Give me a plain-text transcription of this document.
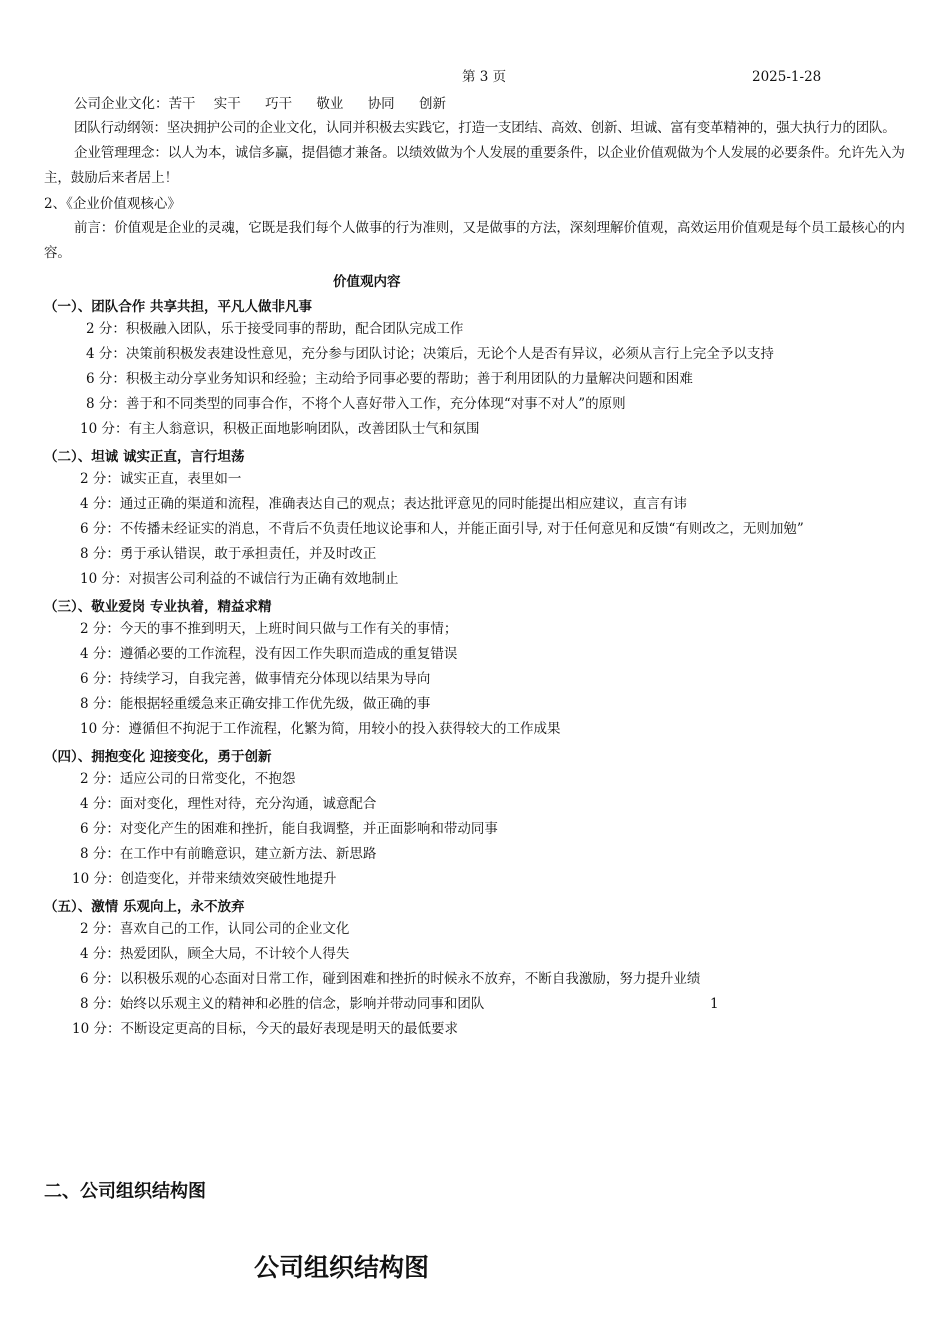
第 3 页	2025-1-28
公司企业文化：苦干 实干 巧干 敬业 协同 创新
团队行动纲领：坚决拥护公司的企业文化，认同并积极去实践它，打造一支团结、高效、创新、坦诚、富有变革精神的，强大执行力的团队。
企业管理理念：以人为本，诚信多赢，提倡德才兼备。以绩效做为个人发展的重要条件，以企业价值观做为个人发展的必要条件。允许先入为主，鼓励后来者居上！
2、《企业价值观核心》
前言：价值观是企业的灵魂，它既是我们每个人做事的行为准则，又是做事的方法，深刻理解价值观，高效运用价值观是每个员工最核心的内容。
价值观内容
（一）、团队合作 共享共担，平凡人做非凡事
2 分：积极融入团队，乐于接受同事的帮助，配合团队完成工作
4 分：决策前积极发表建设性意见，充分参与团队讨论；决策后，无论个人是否有异议，必须从言行上完全予以支持
6 分：积极主动分享业务知识和经验；主动给予同事必要的帮助；善于利用团队的力量解决问题和困难
8 分：善于和不同类型的同事合作，不将个人喜好带入工作，充分体现“对事不对人”的原则
10 分：有主人翁意识，积极正面地影响团队，改善团队士气和氛围
（二）、坦诚 诚实正直，言行坦荡
2 分：诚实正直，表里如一
4 分：通过正确的渠道和流程，准确表达自己的观点；表达批评意见的同时能提出相应建议，直言有讳
6 分：不传播未经证实的消息，不背后不负责任地议论事和人，并能正面引导, 对于任何意见和反馈“有则改之，无则加勉”
8 分：勇于承认错误，敢于承担责任，并及时改正
10 分：对损害公司利益的不诚信行为正确有效地制止
（三）、敬业爱岗 专业执着，精益求精
2 分：今天的事不推到明天，上班时间只做与工作有关的事情；
4 分：遵循必要的工作流程，没有因工作失职而造成的重复错误
6 分：持续学习，自我完善，做事情充分体现以结果为导向
8 分：能根据轻重缓急来正确安排工作优先级，做正确的事
10 分：遵循但不拘泥于工作流程，化繁为简，用较小的投入获得较大的工作成果
（四）、拥抱变化 迎接变化，勇于创新
2 分：适应公司的日常变化，不抱怨
4 分：面对变化，理性对待，充分沟通，诚意配合
6 分：对变化产生的困难和挫折，能自我调整，并正面影响和带动同事
8 分：在工作中有前瞻意识，建立新方法、新思路
10 分：创造变化，并带来绩效突破性地提升
（五）、激情 乐观向上，永不放弃
2 分：喜欢自己的工作，认同公司的企业文化
4 分：热爱团队，顾全大局，不计较个人得失
6 分：以积极乐观的心态面对日常工作，碰到困难和挫折的时候永不放弃，不断自我激励，努力提升业绩
8 分：始终以乐观主义的精神和必胜的信念，影响并带动同事和团队	1
10 分：不断设定更高的目标，今天的最好表现是明天的最低要求
二、公司组织结构图
公司组织结构图
